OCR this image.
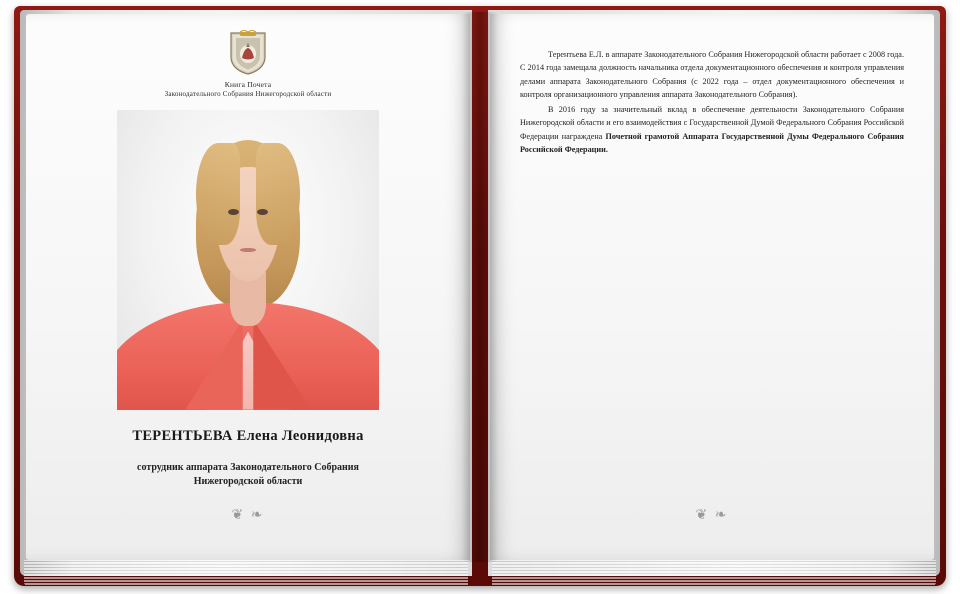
Книга Почета
Законодательного Собрания Нижегородской области
ТЕРЕНТЬЕВА Елена Леонидовна
сотрудник аппарата Законодательного Собрания
Нижегородской области
❦ ❧

Терентьева Е.Л. в аппарате Законодательного Собрания Нижегородской области работает с 2008 года. С 2014 года замещала должность начальника отдела документационного обеспечения и контроля управления делами аппарата Законодательного Собрания (с 2022 года – отдел документационного обеспечения и контроля организационного управления аппарата Законодательного Собрания).

В 2016 году за значительный вклад в обеспечение деятельности Законодательного Собрания Нижегородской области и его взаимодействия с Государственной Думой Федерального Собрания Российской Федерации награждена Почетной грамотой Аппарата Государственной Думы Федерального Собрания Российской Федерации.

❦ ❧
